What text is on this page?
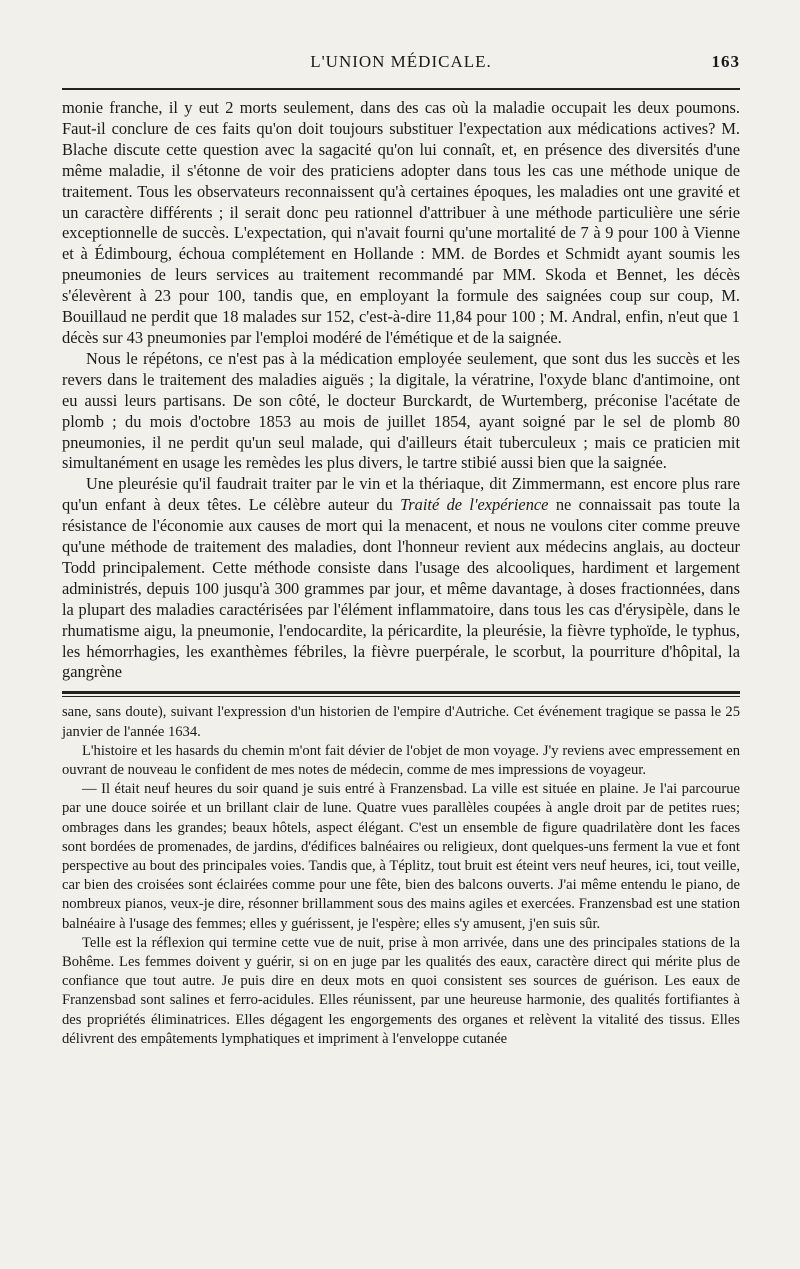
L'UNION MÉDICALE.	163

monie franche, il y eut 2 morts seulement, dans des cas où la maladie occupait les deux poumons. Faut-il conclure de ces faits qu'on doit toujours substituer l'expectation aux médications actives? M. Blache discute cette question avec la sagacité qu'on lui connaît, et, en présence des diversités d'une même maladie, il s'étonne de voir des praticiens adopter dans tous les cas une méthode unique de traitement. Tous les observateurs reconnaissent qu'à certaines époques, les maladies ont une gravité et un caractère différents ; il serait donc peu rationnel d'attribuer à une méthode particulière une série exceptionnelle de succès. L'expectation, qui n'avait fourni qu'une mortalité de 7 à 9 pour 100 à Vienne et à Édimbourg, échoua complétement en Hollande : MM. de Bordes et Schmidt ayant soumis les pneumonies de leurs services au traitement recommandé par MM. Skoda et Bennet, les décès s'élevèrent à 23 pour 100, tandis que, en employant la formule des saignées coup sur coup, M. Bouillaud ne perdit que 18 malades sur 152, c'est-à-dire 11,84 pour 100 ; M. Andral, enfin, n'eut que 1 décès sur 43 pneumonies par l'emploi modéré de l'émétique et de la saignée.

Nous le répétons, ce n'est pas à la médication employée seulement, que sont dus les succès et les revers dans le traitement des maladies aiguës ; la digitale, la vératrine, l'oxyde blanc d'antimoine, ont eu aussi leurs partisans. De son côté, le docteur Burckardt, de Wurtemberg, préconise l'acétate de plomb ; du mois d'octobre 1853 au mois de juillet 1854, ayant soigné par le sel de plomb 80 pneumonies, il ne perdit qu'un seul malade, qui d'ailleurs était tuberculeux ; mais ce praticien mit simultanément en usage les remèdes les plus divers, le tartre stibié aussi bien que la saignée.

Une pleurésie qu'il faudrait traiter par le vin et la thériaque, dit Zimmermann, est encore plus rare qu'un enfant à deux têtes. Le célèbre auteur du Traité de l'expérience ne connaissait pas toute la résistance de l'économie aux causes de mort qui la menacent, et nous ne voulons citer comme preuve qu'une méthode de traitement des maladies, dont l'honneur revient aux médecins anglais, au docteur Todd principalement. Cette méthode consiste dans l'usage des alcooliques, hardiment et largement administrés, depuis 100 jusqu'à 300 grammes par jour, et même davantage, à doses fractionnées, dans la plupart des maladies caractérisées par l'élément inflammatoire, dans tous les cas d'érysipèle, dans le rhumatisme aigu, la pneumonie, l'endocardite, la péricardite, la pleurésie, la fièvre typhoïde, le typhus, les hémorrhagies, les exanthèmes fébriles, la fièvre puerpérale, le scorbut, la pourriture d'hôpital, la gangrène

sane, sans doute), suivant l'expression d'un historien de l'empire d'Autriche. Cet événement tragique se passa le 25 janvier de l'année 1634.

L'histoire et les hasards du chemin m'ont fait dévier de l'objet de mon voyage. J'y reviens avec empressement en ouvrant de nouveau le confident de mes notes de médecin, comme de mes impressions de voyageur.

— Il était neuf heures du soir quand je suis entré à Franzensbad. La ville est située en plaine. Je l'ai parcourue par une douce soirée et un brillant clair de lune. Quatre vues parallèles coupées à angle droit par de petites rues; ombrages dans les grandes; beaux hôtels, aspect élégant. C'est un ensemble de figure quadrilatère dont les faces sont bordées de promenades, de jardins, d'édifices balnéaires ou religieux, dont quelques-uns ferment la vue et font perspective au bout des principales voies. Tandis que, à Téplitz, tout bruit est éteint vers neuf heures, ici, tout veille, car bien des croisées sont éclairées comme pour une fête, bien des balcons ouverts. J'ai même entendu le piano, de nombreux pianos, veux-je dire, résonner brillamment sous des mains agiles et exercées. Franzensbad est une station balnéaire à l'usage des femmes; elles y guérissent, je l'espère; elles s'y amusent, j'en suis sûr.

Telle est la réflexion qui termine cette vue de nuit, prise à mon arrivée, dans une des principales stations de la Bohême. Les femmes doivent y guérir, si on en juge par les qualités des eaux, caractère direct qui mérite plus de confiance que tout autre. Je puis dire en deux mots en quoi consistent ses sources de guérison. Les eaux de Franzensbad sont salines et ferro-acidules. Elles réunissent, par une heureuse harmonie, des qualités fortifiantes à des propriétés éliminatrices. Elles dégagent les engorgements des organes et relèvent la vitalité des tissus. Elles délivrent des empâtements lymphatiques et impriment à l'enveloppe cutanée
